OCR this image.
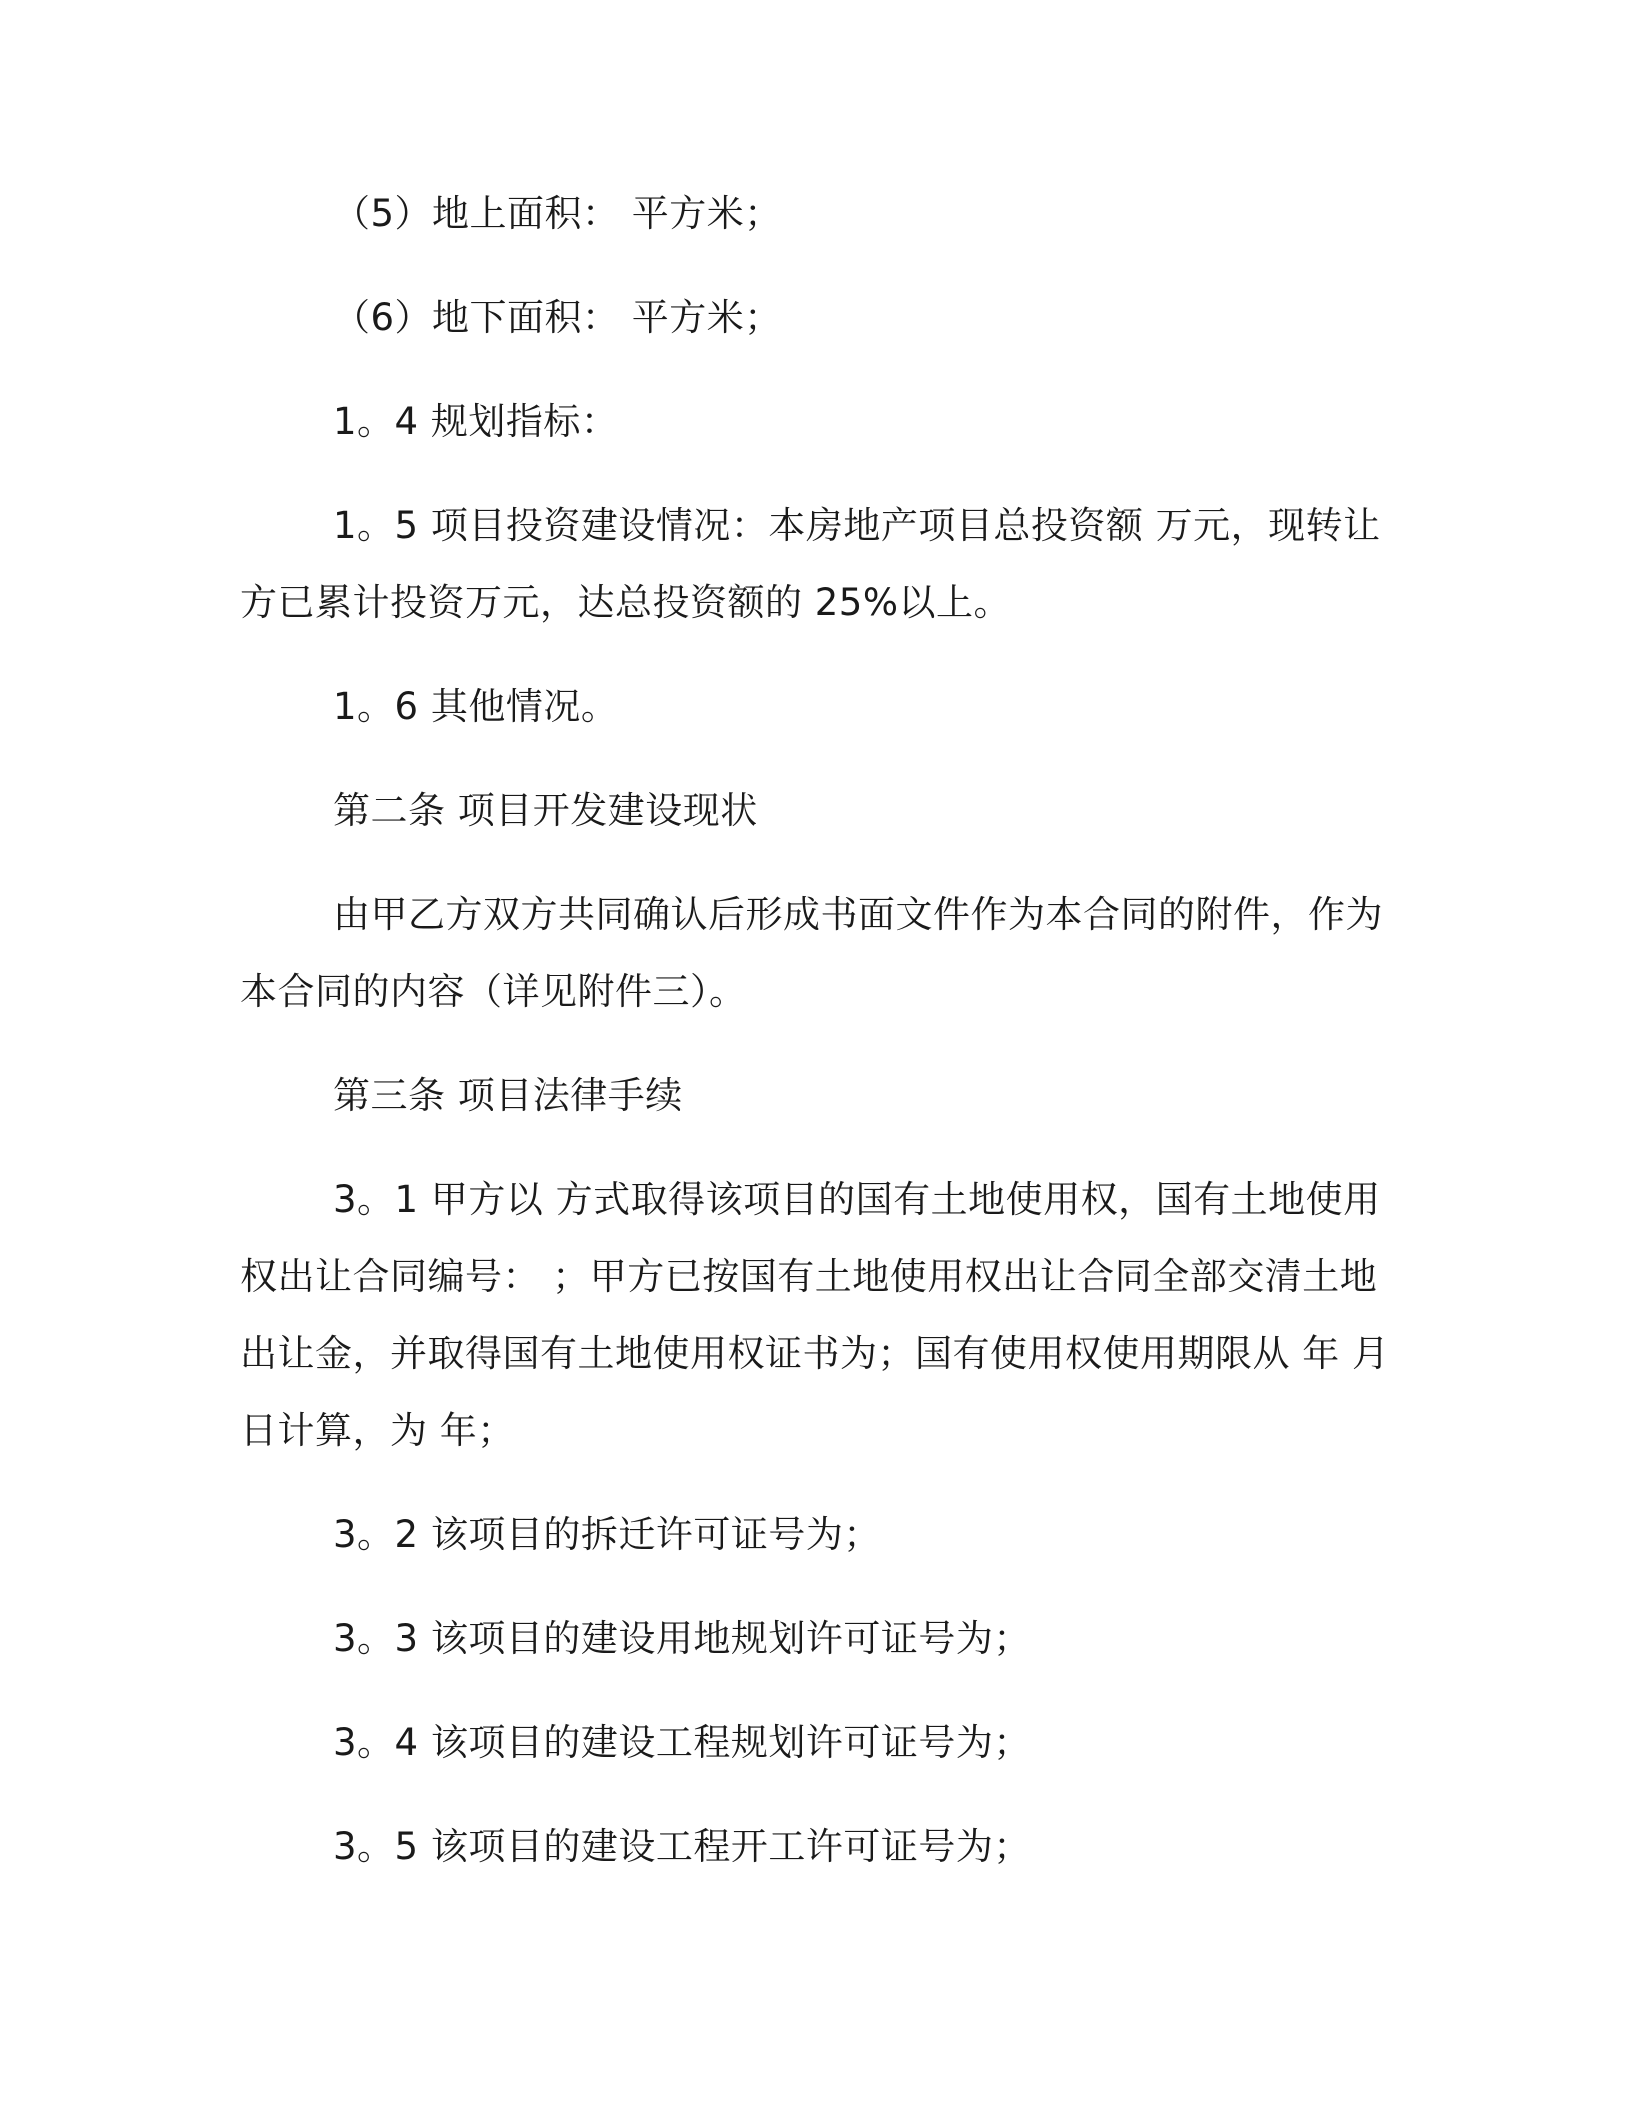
（5）地上面积： 平方米；
（6）地下面积： 平方米；
1。4 规划指标：
1。5 项目投资建设情况：本房地产项目总投资额 万元，现转让
方已累计投资万元，达总投资额的 25%以上。
1。6 其他情况。
第二条 项目开发建设现状
由甲乙方双方共同确认后形成书面文件作为本合同的附件，作为
本合同的内容（详见附件三）。
第三条 项目法律手续
3。1 甲方以 方式取得该项目的国有土地使用权，国有土地使用
权出让合同编号： ；甲方已按国有土地使用权出让合同全部交清土地
出让金，并取得国有土地使用权证书为；国有使用权使用期限从 年 月
日计算，为 年；
3。2 该项目的拆迁许可证号为；
3。3 该项目的建设用地规划许可证号为；
3。4 该项目的建设工程规划许可证号为；
3。5 该项目的建设工程开工许可证号为；
